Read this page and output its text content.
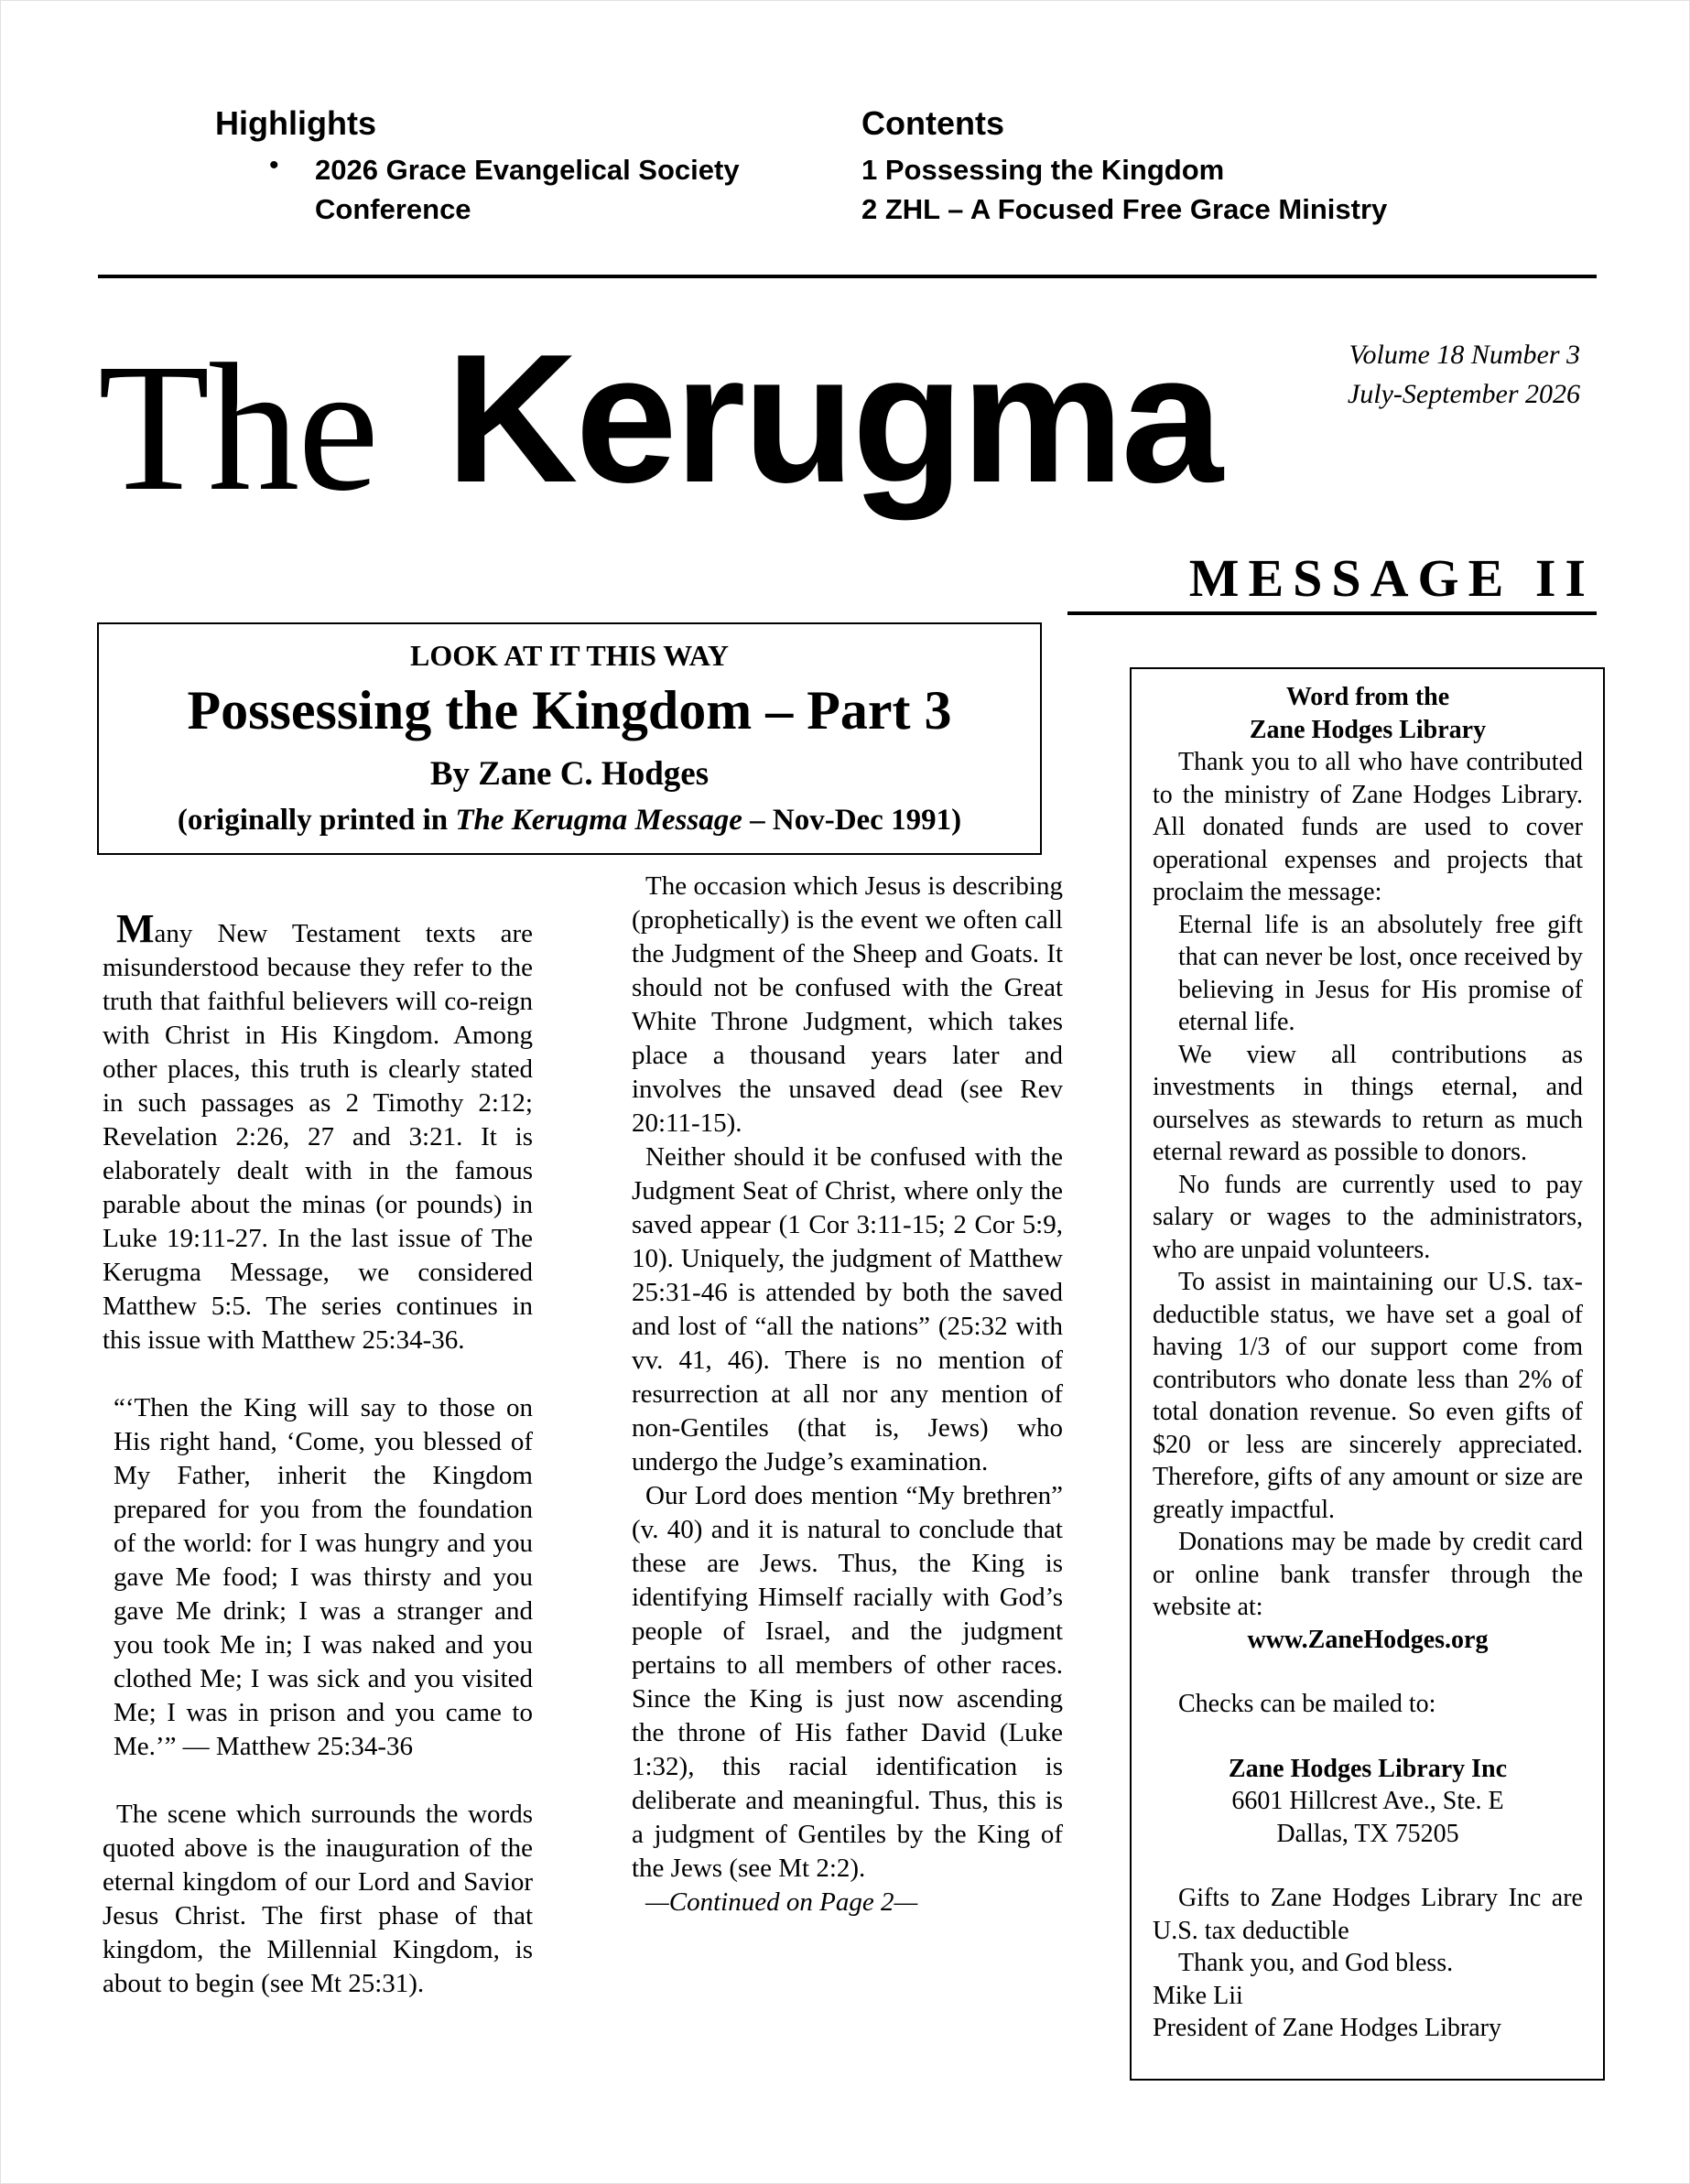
Highlights
• 2026 Grace Evangelical Society Conference
Contents
1 Possessing the Kingdom
2 ZHL – A Focused Free Grace Ministry
The Kerugma	Volume 18 Number 3
July-September 2026
MESSAGE II
LOOK AT IT THIS WAY
Possessing the Kingdom – Part 3
By Zane C. Hodges
(originally printed in The Kerugma Message – Nov-Dec 1991)

Many New Testament texts are misunderstood because they refer to the truth that faithful believers will co-reign with Christ in His Kingdom. Among other places, this truth is clearly stated in such passages as 2 Timothy 2:12; Revelation 2:26, 27 and 3:21. It is elaborately dealt with in the famous parable about the minas (or pounds) in Luke 19:11-27. In the last issue of The Kerugma Message, we considered Matthew 5:5. The series continues in this issue with Matthew 25:34-36.

“‘Then the King will say to those on His right hand, ‘Come, you blessed of My Father, inherit the Kingdom prepared for you from the foundation of the world: for I was hungry and you gave Me food; I was thirsty and you gave Me drink; I was a stranger and you took Me in; I was naked and you clothed Me; I was sick and you visited Me; I was in prison and you came to Me.’” — Matthew 25:34-36

The scene which surrounds the words quoted above is the inauguration of the eternal kingdom of our Lord and Savior Jesus Christ. The first phase of that kingdom, the Millennial Kingdom, is about to begin (see Mt 25:31).

The occasion which Jesus is describing (prophetically) is the event we often call the Judgment of the Sheep and Goats. It should not be confused with the Great White Throne Judgment, which takes place a thousand years later and involves the unsaved dead (see Rev 20:11-15).

Neither should it be confused with the Judgment Seat of Christ, where only the saved appear (1 Cor 3:11-15; 2 Cor 5:9, 10). Uniquely, the judgment of Matthew 25:31-46 is attended by both the saved and lost of “all the nations” (25:32 with vv. 41, 46). There is no mention of resurrection at all nor any mention of non-Gentiles (that is, Jews) who undergo the Judge’s examination.

Our Lord does mention “My brethren” (v. 40) and it is natural to conclude that these are Jews. Thus, the King is identifying Himself racially with God’s people of Israel, and the judgment pertains to all members of other races. Since the King is just now ascending the throne of His father David (Luke 1:32), this racial identification is deliberate and meaningful. Thus, this is a judgment of Gentiles by the King of the Jews (see Mt 2:2).

—Continued on Page 2—

Word from the

Zane Hodges Library

Thank you to all who have contributed to the ministry of Zane Hodges Library. All donated funds are used to cover operational expenses and projects that proclaim the message:

Eternal life is an absolutely free gift that can never be lost, once received by believing in Jesus for His promise of eternal life.

We view all contributions as investments in things eternal, and ourselves as stewards to return as much eternal reward as possible to donors.

No funds are currently used to pay salary or wages to the administrators, who are unpaid volunteers.

To assist in maintaining our U.S. tax-deductible status, we have set a goal of having 1/3 of our support come from contributors who donate less than 2% of total donation revenue. So even gifts of $20 or less are sincerely appreciated. Therefore, gifts of any amount or size are greatly impactful.

Donations may be made by credit card or online bank transfer through the website at:

www.ZaneHodges.org

Checks can be mailed to:

Zane Hodges Library Inc

6601 Hillcrest Ave., Ste. E

Dallas, TX 75205

Gifts to Zane Hodges Library Inc are U.S. tax deductible

Thank you, and God bless.

Mike Lii

President of Zane Hodges Library
